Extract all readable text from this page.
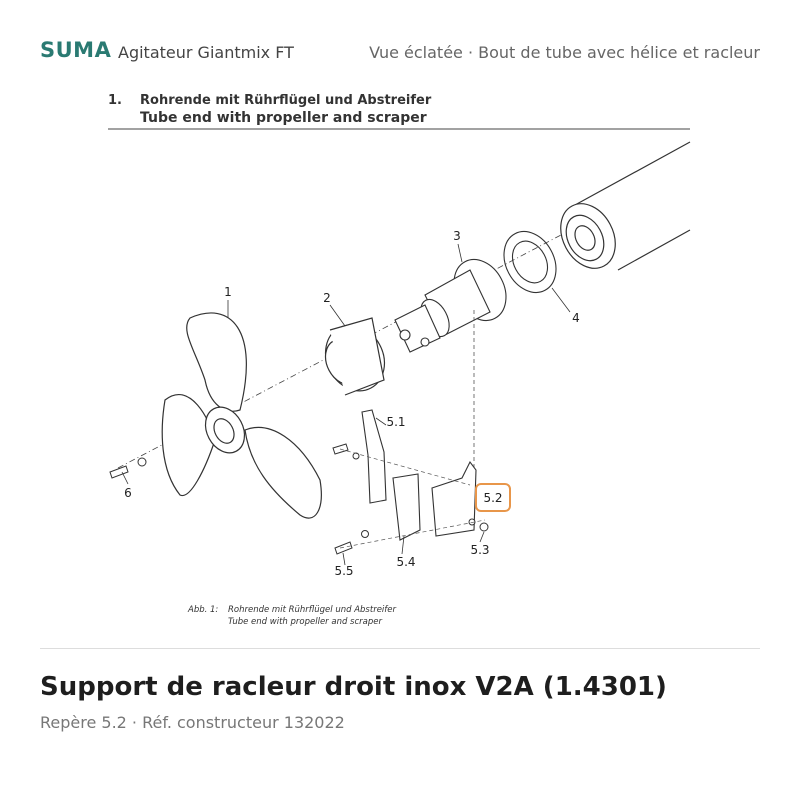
SUMA Agitateur Giantmix FT	Vue éclatée · Bout de tube avec hélice et racleur
1. Rohrende mit Rührflügel und Abstreifer
Tube end with propeller and scraper
1	2
3
4
5.1
5.3
5.4
5.5
6	5.2
Abb. 1: Rohrende mit Rührflügel und Abstreifer
Tube end with propeller and scraper
Support de racleur droit inox V2A (1.4301)
Repère 5.2 · Réf. constructeur 132022
